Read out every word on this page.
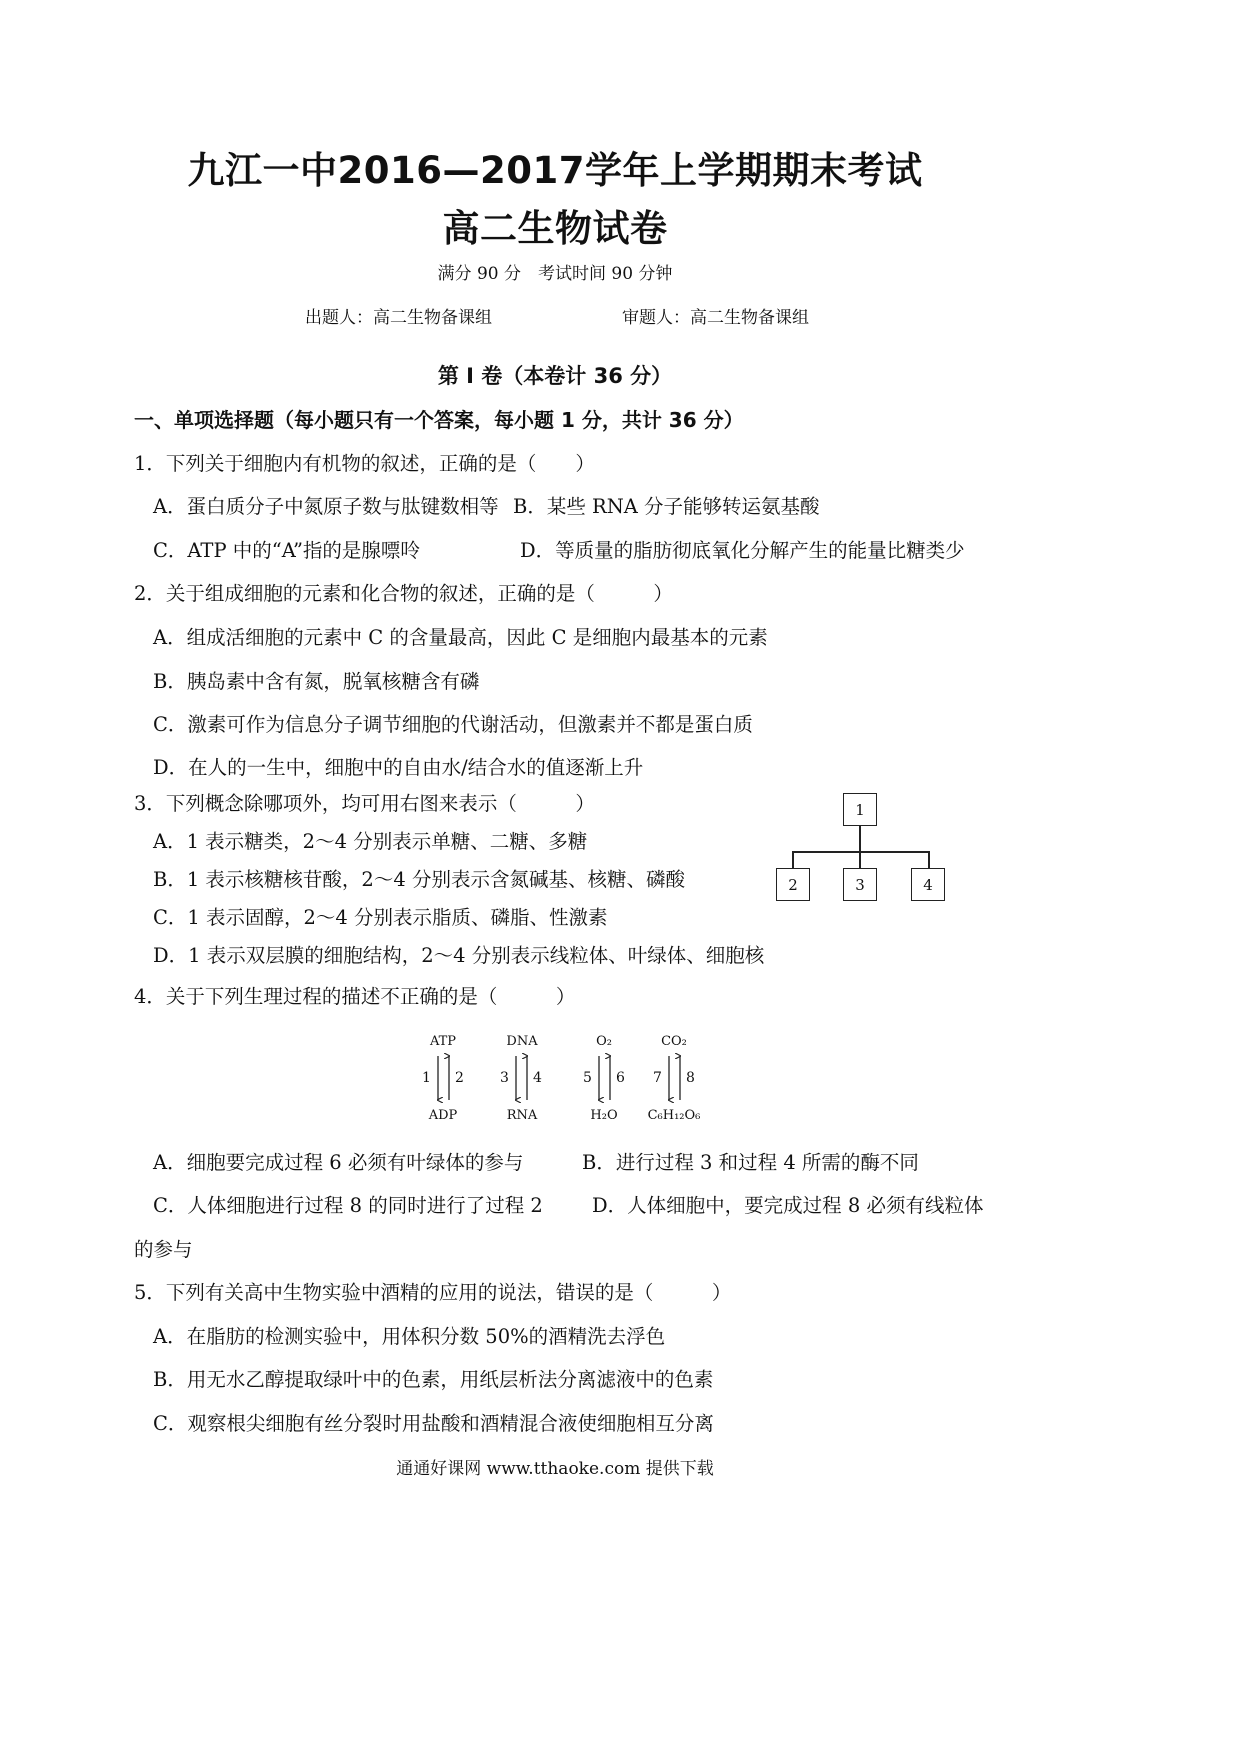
九江一中2016—2017学年上学期期末考试
高二生物试卷
满分 90 分　考试时间 90 分钟
出题人：高二生物备课组	审题人：高二生物备课组
第 I 卷（本卷计 36 分）
一、单项选择题（每小题只有一个答案，每小题 1 分，共计 36 分）
1．下列关于细胞内有机物的叙述，正确的是（　　）
A．蛋白质分子中氮原子数与肽键数相等 B．某些 RNA 分子能够转运氨基酸
C．ATP 中的“A”指的是腺嘌呤	D．等质量的脂肪彻底氧化分解产生的能量比糖类少
2．关于组成细胞的元素和化合物的叙述，正确的是（　　　）
A．组成活细胞的元素中 C 的含量最高，因此 C 是细胞内最基本的元素
B．胰岛素中含有氮，脱氧核糖含有磷
C．激素可作为信息分子调节细胞的代谢活动，但激素并不都是蛋白质
D．在人的一生中，细胞中的自由水/结合水的值逐渐上升
3．下列概念除哪项外，均可用右图来表示（　　　）
A．1 表示糖类，2～4 分别表示单糖、二糖、多糖
B．1 表示核糖核苷酸，2～4 分别表示含氮碱基、核糖、磷酸
C．1 表示固醇，2～4 分别表示脂质、磷脂、性激素
D．1 表示双层膜的细胞结构，2～4 分别表示线粒体、叶绿体、细胞核
1
2	3	4
4．关于下列生理过程的描述不正确的是（　　　）
ATP
ADP
1 2
DNA
RNA
3 4
O₂
H₂O
5 6
CO₂
C₆H₁₂O₆
7 8
A．细胞要完成过程 6 必须有叶绿体的参与	B．进行过程 3 和过程 4 所需的酶不同
C．人体细胞进行过程 8 的同时进行了过程 2	D．人体细胞中，要完成过程 8 必须有线粒体
的参与
5．下列有关高中生物实验中酒精的应用的说法，错误的是（　　　）
A．在脂肪的检测实验中，用体积分数 50%的酒精洗去浮色
B．用无水乙醇提取绿叶中的色素，用纸层析法分离滤液中的色素
C．观察根尖细胞有丝分裂时用盐酸和酒精混合液使细胞相互分离
通通好课网 www.tthaoke.com 提供下载
